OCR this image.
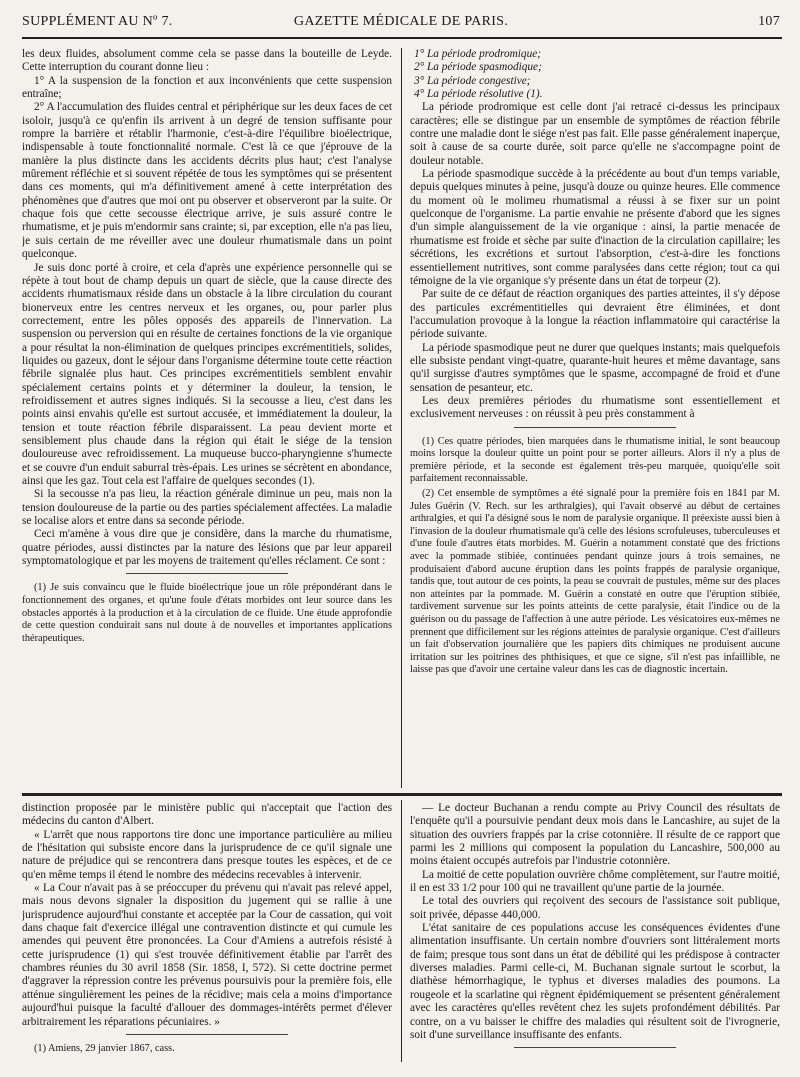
SUPPLÉMENT AU Nº 7.	GAZETTE MÉDICALE DE PARIS.	107

les deux fluides, absolument comme cela se passe dans la bouteille de Leyde. Cette interruption du courant donne lieu :

1° A la suspension de la fonction et aux inconvénients que cette suspension entraîne;

2° A l'accumulation des fluides central et périphérique sur les deux faces de cet isoloir, jusqu'à ce qu'enfin ils arrivent à un degré de tension suffisante pour rompre la barrière et rétablir l'harmonie, c'est-à-dire l'équilibre bioélectrique, indispensable à toute fonctionnalité normale. C'est là ce que j'éprouve de la manière la plus distincte dans les accidents décrits plus haut; c'est l'analyse mûrement réfléchie et si souvent répétée de tous les symptômes qui se présentent dans ces moments, qui m'a définitivement amené à cette interprétation des phénomènes que d'autres que moi ont pu observer et observeront par la suite. Or chaque fois que cette secousse électrique arrive, je suis assuré contre le rhumatisme, et je puis m'endormir sans crainte; si, par exception, elle n'a pas lieu, je suis certain de me réveiller avec une douleur rhumatismale dans un point quelconque.

Je suis donc porté à croire, et cela d'après une expérience personnelle qui se répète à tout bout de champ depuis un quart de siècle, que la cause directe des accidents rhumatismaux réside dans un obstacle à la libre circulation du courant bionerveux entre les centres nerveux et les organes, ou, pour parler plus correctement, entre les pôles opposés des appareils de l'innervation. La suspension ou perversion qui en résulte de certaines fonctions de la vie organique a pour résultat la non-élimination de quelques principes excrémentitiels, solides, liquides ou gazeux, dont le séjour dans l'organisme détermine toute cette réaction fébrile signalée plus haut. Ces principes excrémentitiels semblent envahir spécialement certains points et y déterminer la douleur, la tension, le refroidissement et autres signes indiqués. Si la secousse a lieu, c'est dans les points ainsi envahis qu'elle est surtout accusée, et immédiatement la douleur, la tension et toute réaction fébrile disparaissent. La peau devient morte et sensiblement plus chaude dans la région qui était le siége de la tension douloureuse avec refroidissement. La muqueuse bucco-pharyngienne s'humecte et se couvre d'un enduit saburral très-épais. Les urines se sécrètent en abondance, ainsi que les gaz. Tout cela est l'affaire de quelques secondes (1).

Si la secousse n'a pas lieu, la réaction générale diminue un peu, mais non la tension douloureuse de la partie ou des parties spécialement affectées. La maladie se localise alors et entre dans sa seconde période.

Ceci m'amène à vous dire que je considère, dans la marche du rhumatisme, quatre périodes, aussi distinctes par la nature des lésions que par leur appareil symptomatologique et par les moyens de traitement qu'elles réclament. Ce sont :

(1) Je suis convaincu que le fluide bioélectrique joue un rôle prépondérant dans le fonctionnement des organes, et qu'une foule d'états morbides ont leur source dans les obstacles apportés à la production et à la circulation de ce fluide. Une étude approfondie de cette question conduirait sans nul doute à de nouvelles et importantes applications thérapeutiques.

1° La période prodromique;

2° La période spasmodique;

3° La période congestive;

4° La période résolutive (1).

La période prodromique est celle dont j'ai retracé ci-dessus les principaux caractères; elle se distingue par un ensemble de symptômes de réaction fébrile contre une maladie dont le siége n'est pas fait. Elle passe généralement inaperçue, soit à cause de sa courte durée, soit parce qu'elle ne s'accompagne point de douleur notable.

La période spasmodique succède à la précédente au bout d'un temps variable, depuis quelques minutes à peine, jusqu'à douze ou quinze heures. Elle commence du moment où le molimeu rhumatismal a réussi à se fixer sur un point quelconque de l'organisme. La partie envahie ne présente d'abord que les signes d'un simple alanguissement de la vie organique : ainsi, la partie menacée de rhumatisme est froide et sèche par suite d'inaction de la circulation capillaire; les sécrétions, les excrétions et surtout l'absorption, c'est-à-dire les fonctions essentiellement nutritives, sont comme paralysées dans cette région; tout ca qui témoigne de la vie organique s'y présente dans un état de torpeur (2).

Par suite de ce défaut de réaction organiques des parties atteintes, il s'y dépose des particules excrémentitielles qui devraient être éliminées, et dont l'accumulation provoque à la longue la réaction inflammatoire qui caractérise la période suivante.

La période spasmodique peut ne durer que quelques instants; mais quelquefois elle subsiste pendant vingt-quatre, quarante-huit heures et même davantage, sans qu'il surgisse d'autres symptômes que le spasme, accompagné de froid et d'une sensation de pesanteur, etc.

Les deux premières périodes du rhumatisme sont essentiellement et exclusivement nerveuses : on réussit à peu près constamment à

(1) Ces quatre périodes, bien marquées dans le rhumatisme initial, le sont beaucoup moins lorsque la douleur quitte un point pour se porter ailleurs. Alors il n'y a plus de première période, et la seconde est également très-peu marquée, quoiqu'elle soit parfaitement reconnaissable.

(2) Cet ensemble de symptômes a été signalé pour la première fois en 1841 par M. Jules Guérin (V. Rech. sur les arthralgies), qui l'avait observé au début de certaines arthralgies, et qui l'a désigné sous le nom de paralysie organique. Il préexiste aussi bien à l'invasion de la douleur rhumatismale qu'à celle des lésions scrofuleuses, tuberculeuses et d'une foule d'autres états morbides. M. Guérin a notamment constaté que des frictions avec la pommade stibiée, continuées pendant quinze jours à trois semaines, ne produisaient d'abord aucune éruption dans les points frappés de paralysie organique, tandis que, tout autour de ces points, la peau se couvrait de pustules, même sur des places non atteintes par la pommade. M. Guérin a constaté en outre que l'éruption stibiée, tardivement survenue sur les points atteints de cette paralysie, était l'indice ou de la guérison ou du passage de l'affection à une autre période. Les vésicatoires eux-mêmes ne prennent que difficilement sur les régions atteintes de paralysie organique. C'est d'ailleurs un fait d'observation journalière que les papiers dits chimiques ne produisent aucune irritation sur les poitrines des phthisiques, et que ce signe, s'il n'est pas infaillible, ne laisse pas que d'avoir une certaine valeur dans les cas de diagnostic incertain.

distinction proposée par le ministère public qui n'acceptait que l'action des médecins du canton d'Albert.

« L'arrêt que nous rapportons tire donc une importance particulière au milieu de l'hésitation qui subsiste encore dans la jurisprudence de ce qu'il signale une nature de préjudice qui se rencontrera dans presque toutes les espèces, et de ce qu'en même temps il étend le nombre des médecins recevables à intervenir.

« La Cour n'avait pas à se préoccuper du prévenu qui n'avait pas relevé appel, mais nous devons signaler la disposition du jugement qui se rallie à une jurisprudence aujourd'hui constante et acceptée par la Cour de cassation, qui voit dans chaque fait d'exercice illégal une contravention distincte et qui cumule les amendes qui peuvent être prononcées. La Cour d'Amiens a autrefois résisté à cette jurisprudence (1) qui s'est trouvée définitivement établie par l'arrêt des chambres réunies du 30 avril 1858 (Sir. 1858, I, 572). Si cette doctrine permet d'aggraver la répression contre les prévenus poursuivis pour la première fois, elle atténue singulièrement les peines de la récidive; mais cela a moins d'importance aujourd'hui puisque la faculté d'allouer des dommages-intérêts permet d'élever arbitrairement les réparations pécuniaires. »

(1) Amiens, 29 janvier 1867, cass.

— Le docteur Buchanan a rendu compte au Privy Council des résultats de l'enquête qu'il a poursuivie pendant deux mois dans le Lancashire, au sujet de la situation des ouvriers frappés par la crise cotonnière. Il résulte de ce rapport que parmi les 2 millions qui composent la population du Lancashire, 500,000 au moins étaient occupés autrefois par l'industrie cotonnière.

La moitié de cette population ouvrière chôme complètement, sur l'autre moitié, il en est 33 1/2 pour 100 qui ne travaillent qu'une partie de la journée.

Le total des ouvriers qui reçoivent des secours de l'assistance soit publique, soit privée, dépasse 440,000.

L'état sanitaire de ces populations accuse les conséquences évidentes d'une alimentation insuffisante. Un certain nombre d'ouvriers sont littéralement morts de faim; presque tous sont dans un état de débilité qui les prédispose à contracter diverses maladies. Parmi celle-ci, M. Buchanan signale surtout le scorbut, la diathèse hémorrhagique, le typhus et diverses maladies des poumons. La rougeole et la scarlatine qui règnent épidémiquement se présentent généralement avec les caractères qu'elles revêtent chez les sujets profondément débilités. Par contre, on a vu baisser le chiffre des maladies qui résultent soit de l'ivrognerie, soit d'une surveillance insuffisante des enfants.
